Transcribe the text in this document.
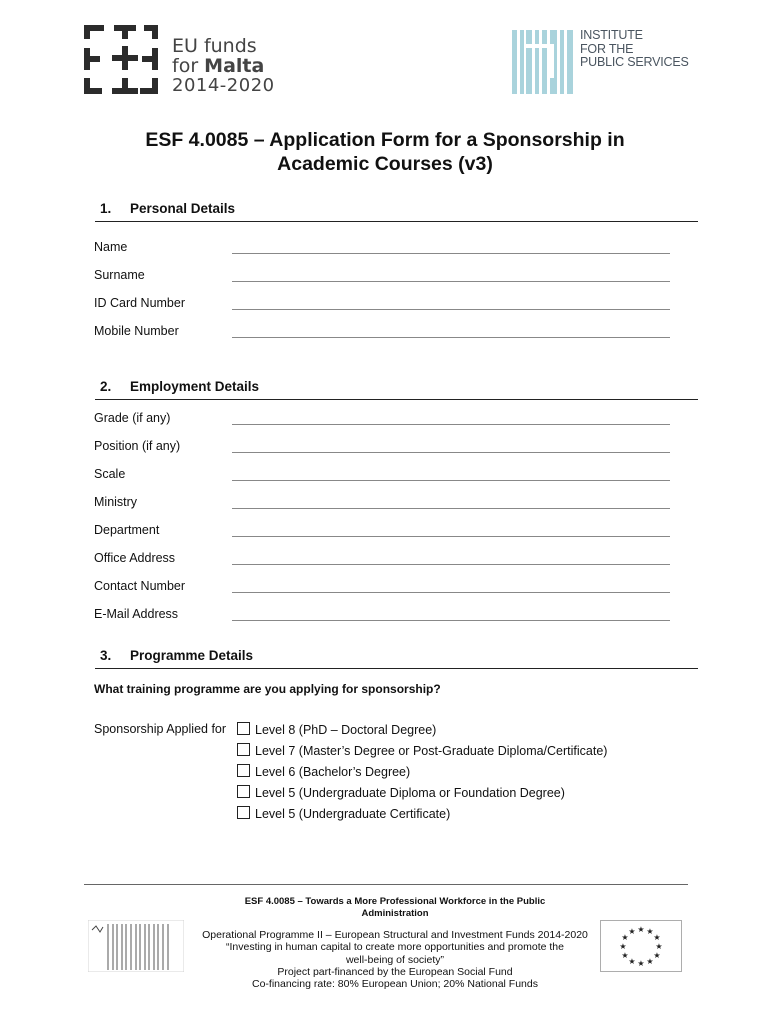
EU funds
for Malta
2014-2020
INSTITUTE
FOR THE
PUBLIC SERVICES
ESF 4.0085 – Application Form for a Sponsorship in
Academic Courses (v3)
1. Personal Details
Name
Surname
ID Card Number
Mobile Number
2. Employment Details
Grade (if any)
Position (if any)
Scale
Ministry
Department
Office Address
Contact Number
E-Mail Address
3. Programme Details
What training programme are you applying for sponsorship?
Sponsorship Applied for	Level 8 (PhD – Doctoral Degree)
Level 7 (Master’s Degree or Post-Graduate Diploma/Certificate)
Level 6 (Bachelor’s Degree)
Level 5 (Undergraduate Diploma or Foundation Degree)
Level 5 (Undergraduate Certificate)
ESF 4.0085 – Towards a More Professional Workforce in the Public
Administration
Operational Programme II – European Structural and Investment Funds 2014-2020
“Investing in human capital to create more opportunities and promote the
well-being of society”
Project part-financed by the European Social Fund
Co-financing rate: 80% European Union; 20% National Funds
★ ★
★
★
★
★
★
★
★
★
★
★
